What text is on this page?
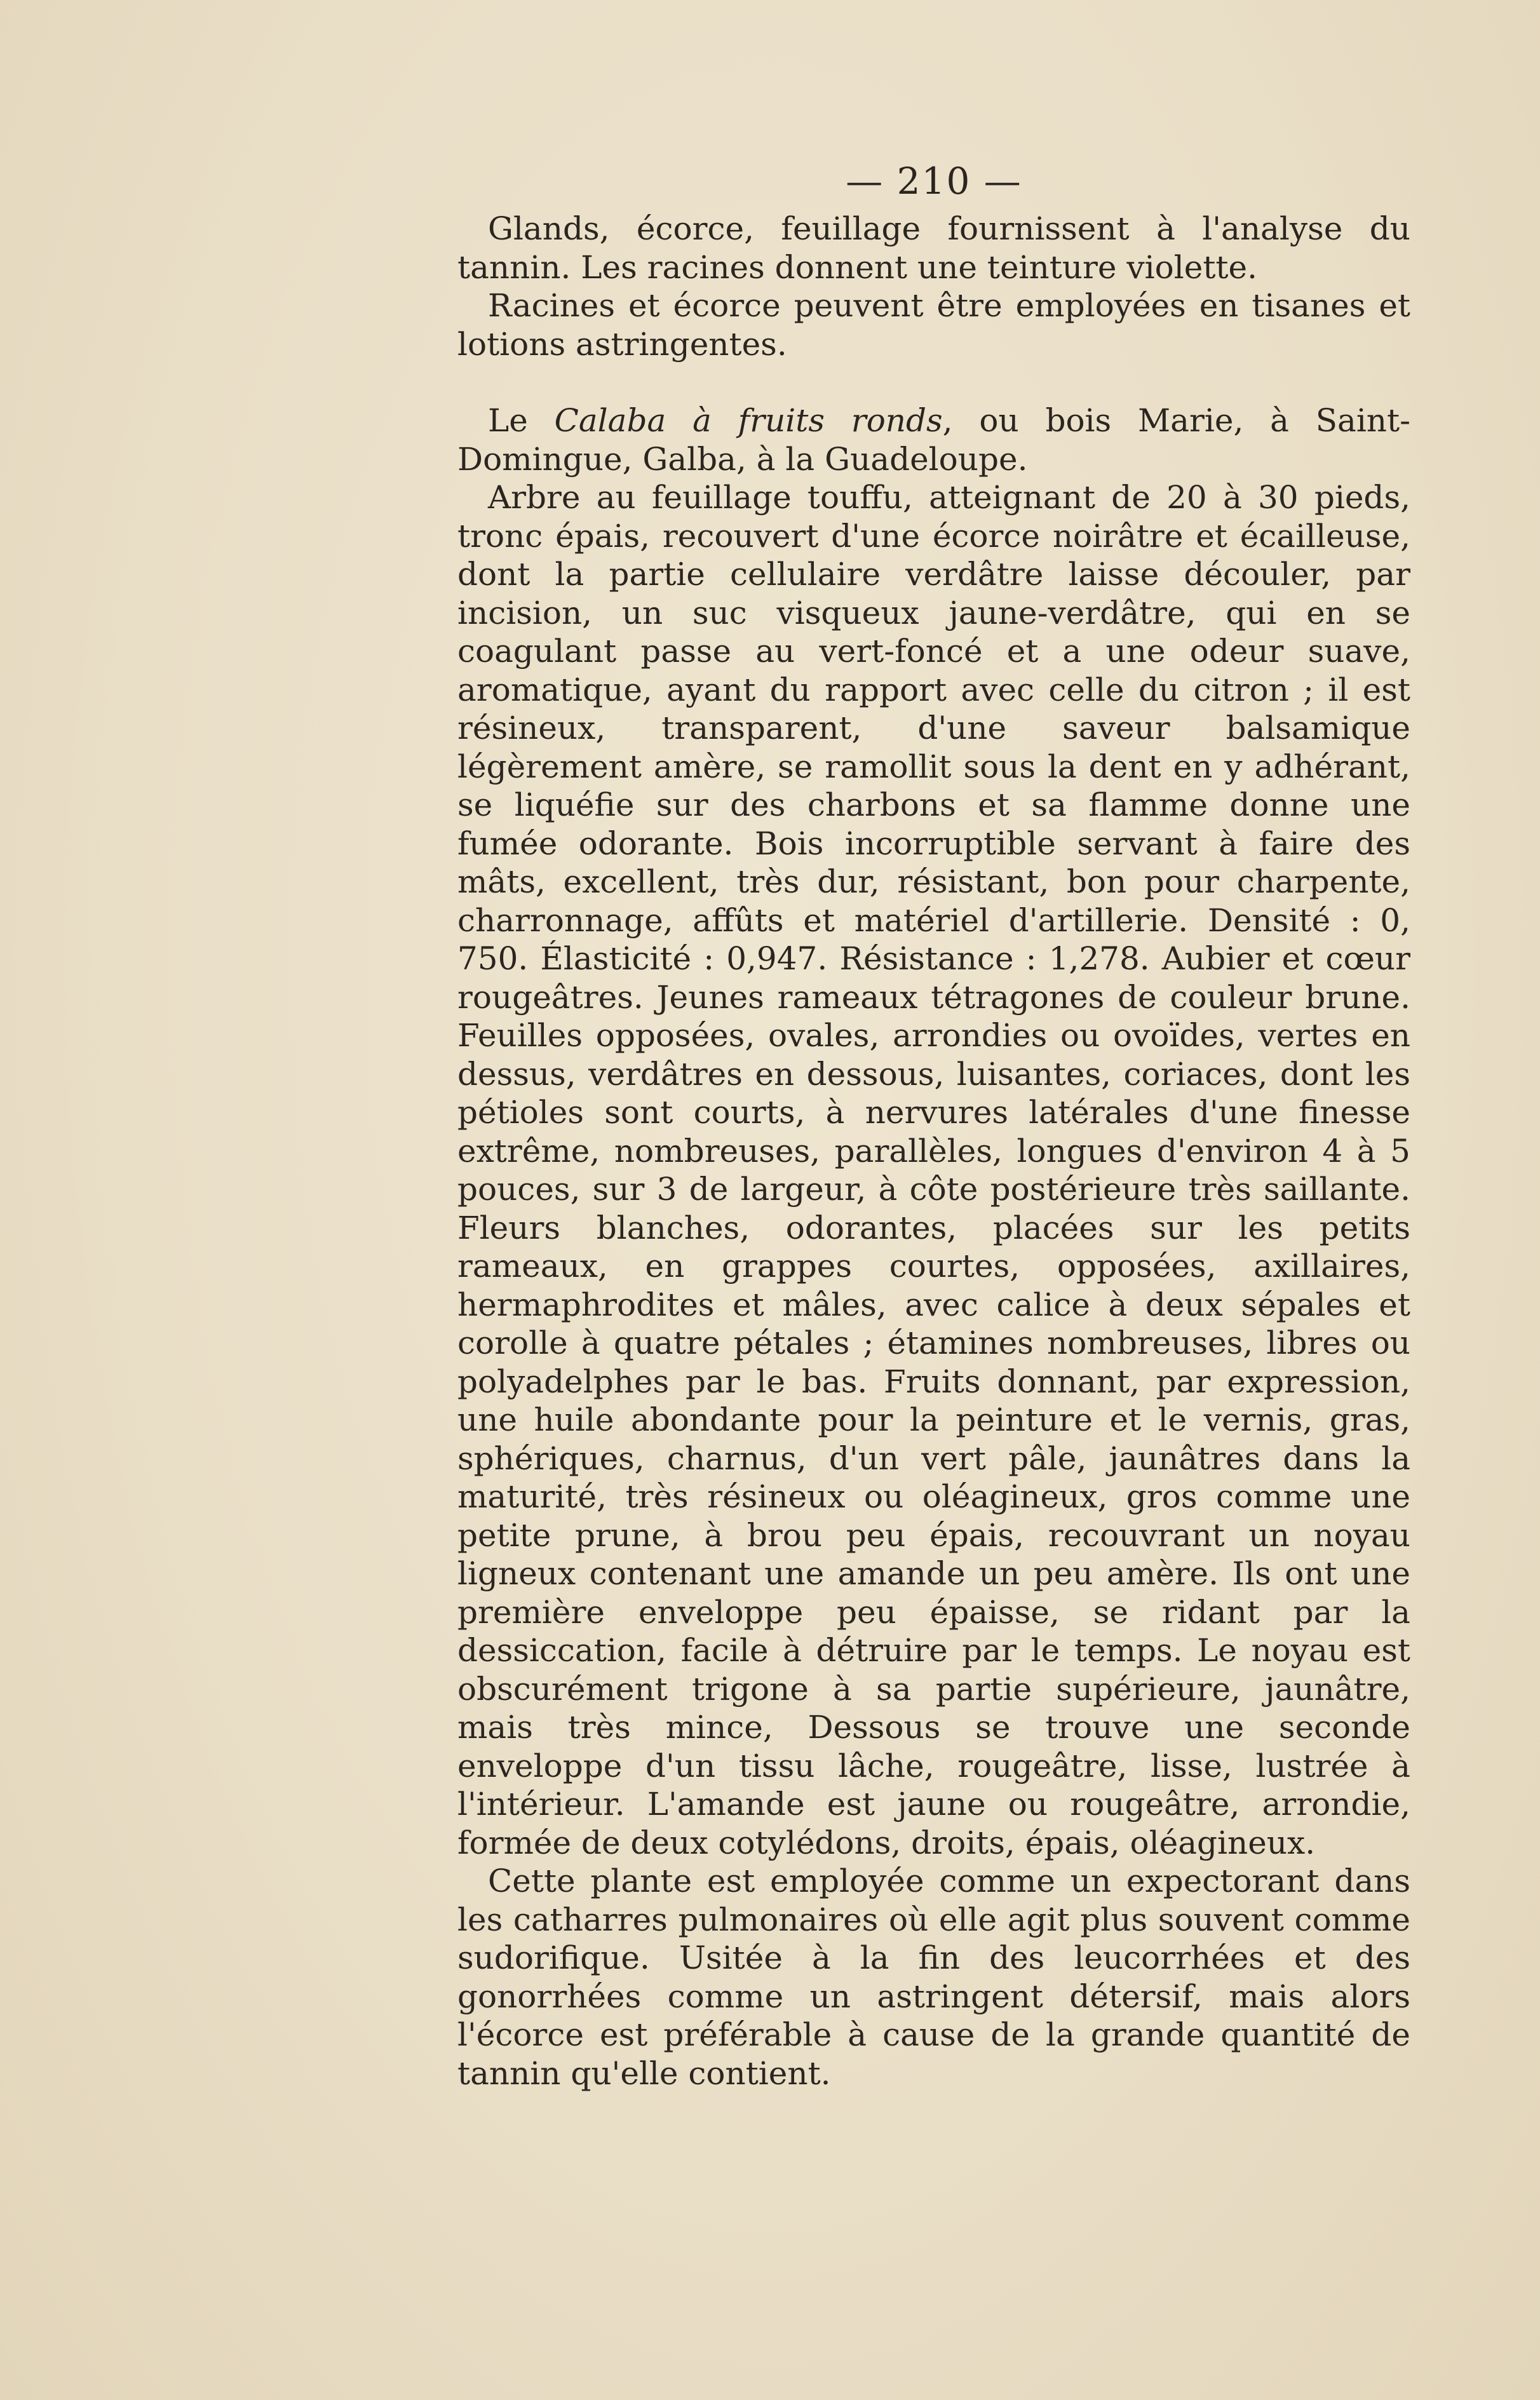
— 210 —

Glands, écorce, feuillage fournissent à l'analyse du tannin. Les racines donnent une teinture violette.

Racines et écorce peuvent être employées en tisanes et lotions astringentes.

Le Calaba à fruits ronds, ou bois Marie, à Saint-Domingue, Galba, à la Guadeloupe.

Arbre au feuillage touffu, atteignant de 20 à 30 pieds, tronc épais, recouvert d'une écorce noirâtre et écailleuse, dont la partie cellulaire verdâtre laisse découler, par incision, un suc visqueux jaune-verdâtre, qui en se coagulant passe au vert-foncé et a une odeur suave, aromatique, ayant du rapport avec celle du citron ; il est résineux, transparent, d'une saveur balsamique légèrement amère, se ramollit sous la dent en y adhérant, se liquéfie sur des charbons et sa flamme donne une fumée odorante. Bois incorruptible servant à faire des mâts, excellent, très dur, résistant, bon pour charpente, charronnage, affûts et matériel d'artillerie. Densité : 0, 750. Élasticité : 0,947. Résistance : 1,278. Aubier et cœur rougeâtres. Jeunes rameaux tétragones de couleur brune. Feuilles opposées, ovales, arrondies ou ovoïdes, vertes en dessus, verdâtres en dessous, luisantes, coriaces, dont les pétioles sont courts, à nervures latérales d'une finesse extrême, nombreuses, parallèles, longues d'environ 4 à 5 pouces, sur 3 de largeur, à côte postérieure très saillante. Fleurs blanches, odorantes, placées sur les petits rameaux, en grappes courtes, opposées, axillaires, hermaphrodites et mâles, avec calice à deux sépales et corolle à quatre pétales ; étamines nombreuses, libres ou polyadelphes par le bas. Fruits donnant, par expression, une huile abondante pour la peinture et le vernis, gras, sphériques, charnus, d'un vert pâle, jaunâtres dans la maturité, très résineux ou oléagineux, gros comme une petite prune, à brou peu épais, recouvrant un noyau ligneux contenant une amande un peu amère. Ils ont une première enveloppe peu épaisse, se ridant par la dessiccation, facile à détruire par le temps. Le noyau est obscurément trigone à sa partie supérieure, jaunâtre, mais très mince, Dessous se trouve une seconde enveloppe d'un tissu lâche, rougeâtre, lisse, lustrée à l'intérieur. L'amande est jaune ou rougeâtre, arrondie, formée de deux cotylédons, droits, épais, oléagineux.

Cette plante est employée comme un expectorant dans les catharres pulmonaires où elle agit plus souvent comme sudorifique. Usitée à la fin des leucorrhées et des gonorrhées comme un astringent détersif, mais alors l'écorce est préférable à cause de la grande quantité de tannin qu'elle contient.
